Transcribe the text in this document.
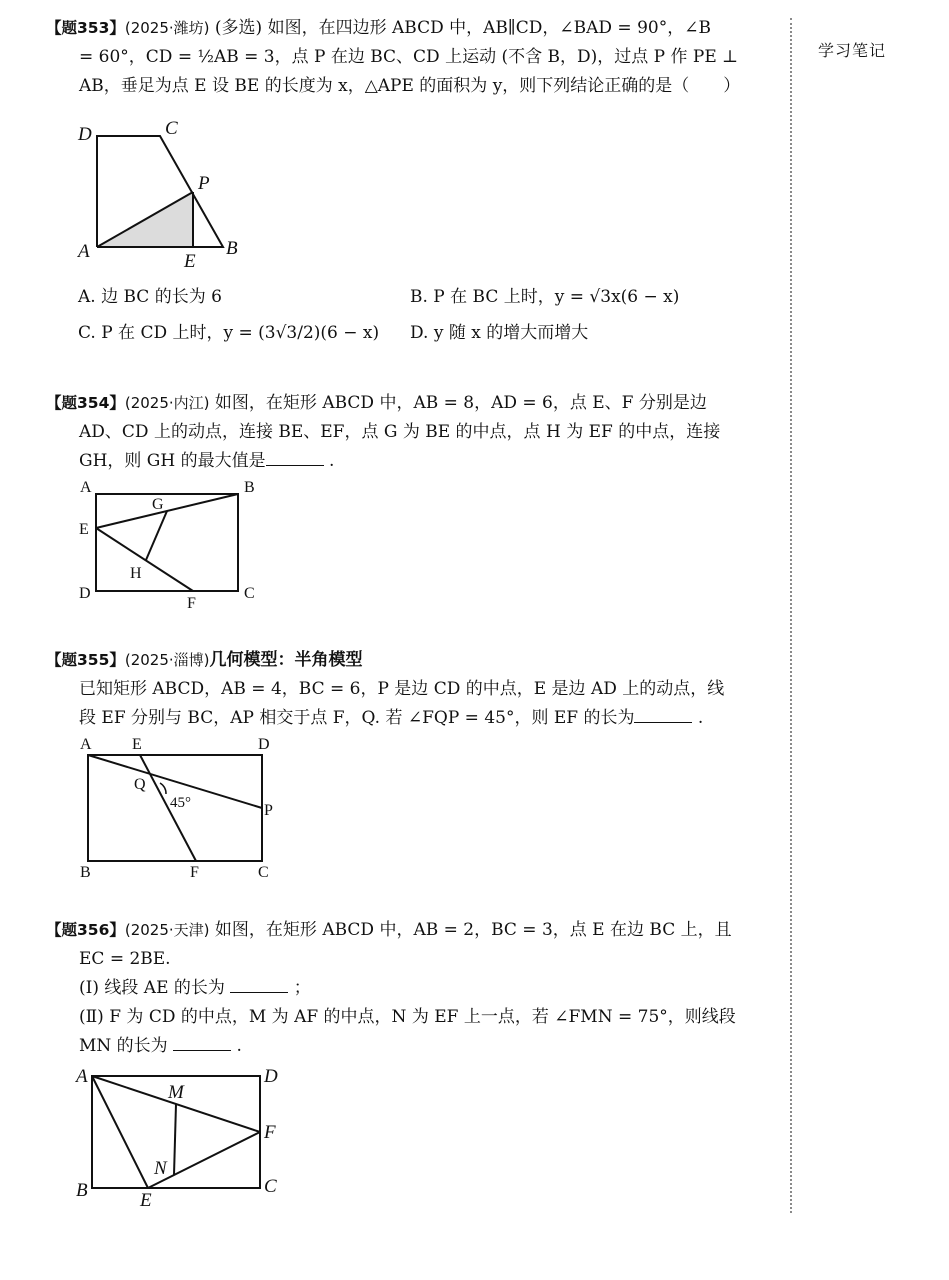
学习笔记

【题353】(2025·潍坊) (多选) 如图，在四边形 ABCD 中，AB∥CD，∠BAD = 90°，∠B

= 60°，CD = ½AB = 3，点 P 在边 BC、CD 上运动 (不含 B，D)，过点 P 作 PE ⊥

AB，垂足为点 E 设 BE 的长度为 x，△APE 的面积为 y，则下列结论正确的是（　　）

D	C
P
A	E
B
A. 边 BC 的长为 6	B. P 在 BC 上时，y = √3x(6 − x)
C. P 在 CD 上时，y = (3√3/2)(6 − x) D. y 随 x 的增大而增大

【题354】(2025·内江) 如图，在矩形 ABCD 中，AB = 8，AD = 6，点 E、F 分别是边

AD、CD 上的动点，连接 BE、EF，点 G 为 BE 的中点，点 H 为 EF 的中点，连接

GH，则 GH 的最大值是	.

A	B
G
E
H
D
F
C

【题355】(2025·淄博)几何模型：半角模型

已知矩形 ABCD，AB = 4，BC = 6，P 是边 CD 的中点，E 是边 AD 上的动点，线

段 EF 分别与 BC，AP 相交于点 F，Q. 若 ∠FQP = 45°，则 EF 的长为	.

A	E	D
Q
45°	P
B	F	C

【题356】(2025·天津) 如图，在矩形 ABCD 中，AB = 2，BC = 3，点 E 在边 BC 上，且

EC = 2BE.

(Ⅰ) 线段 AE 的长为	；

(Ⅱ) F 为 CD 的中点，M 为 AF 的中点，N 为 EF 上一点，若 ∠FMN = 75°，则线段

MN 的长为	.

A	D
M
F
N
B	E
C
